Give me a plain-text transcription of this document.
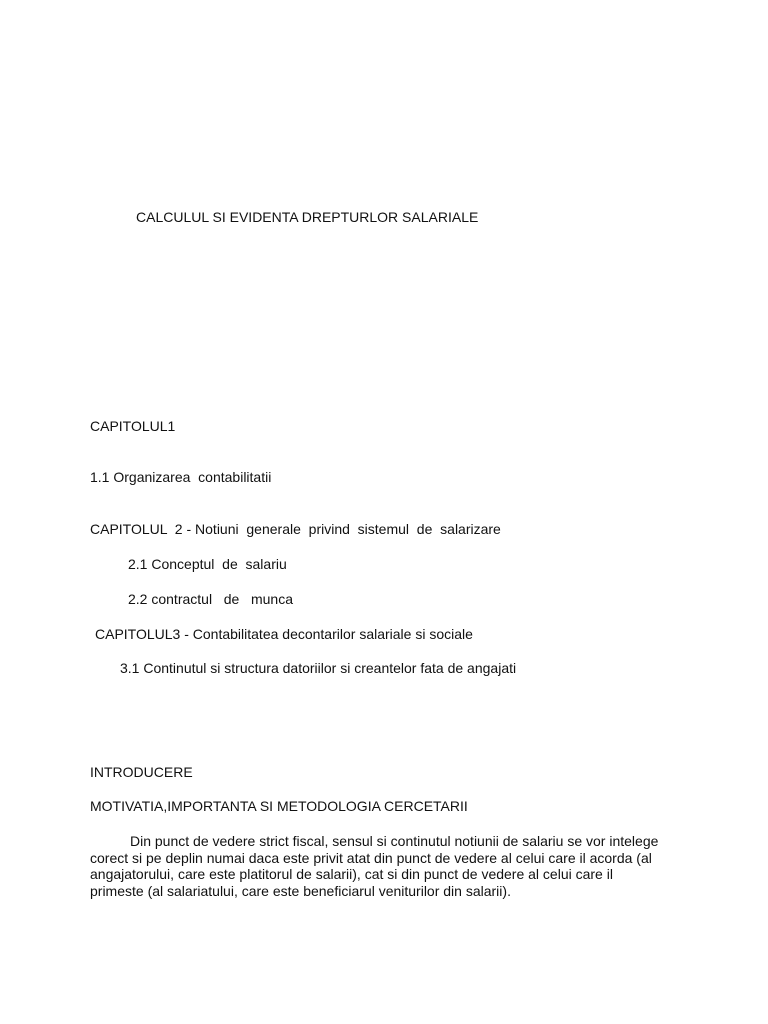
CALCULUL SI EVIDENTA DREPTURLOR SALARIALE
CAPITOLUL1
1.1 Organizarea  contabilitatii
CAPITOLUL  2 - Notiuni  generale  privind  sistemul  de  salarizare
2.1 Conceptul  de  salariu
2.2 contractul   de   munca
CAPITOLUL3 - Contabilitatea decontarilor salariale si sociale
3.1 Continutul si structura datoriilor si creantelor fata de angajati
INTRODUCERE
MOTIVATIA,IMPORTANTA SI METODOLOGIA CERCETARII
Din punct de vedere strict fiscal, sensul si continutul notiunii de salariu se vor intelege corect si pe deplin numai daca este privit atat din punct de vedere al celui care il acorda (al angajatorului, care este platitorul de salarii), cat si din punct de vedere al celui care il primeste (al salariatului, care este beneficiarul veniturilor din salarii).
